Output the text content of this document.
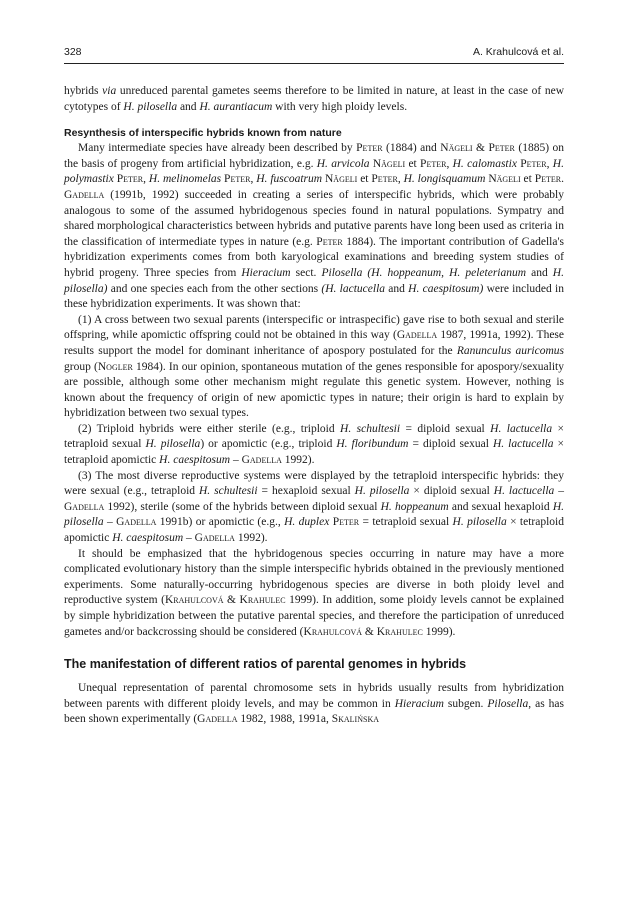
328	A. Krahulcová et al.

hybrids via unreduced parental gametes seems therefore to be limited in nature, at least in the case of new cytotypes of H. pilosella and H. aurantiacum with very high ploidy levels.

Resynthesis of interspecific hybrids known from nature

Many intermediate species have already been described by Peter (1884) and Nägeli & Peter (1885) on the basis of progeny from artificial hybridization, e.g. H. arvicola Nägeli et Peter, H. calomastix Peter, H. polymastix Peter, H. melinomelas Peter, H. fuscoatrum Nägeli et Peter, H. longisquamum Nägeli et Peter. Gadella (1991b, 1992) succeeded in creating a series of interspecific hybrids, which were probably analogous to some of the assumed hybridogenous species found in natural populations. Sympatry and shared morphological characteristics between hybrids and putative parents have long been used as criteria in the classification of intermediate types in nature (e.g. Peter 1884). The important contribution of Gadella's hybridization experiments comes from both karyological examinations and breeding system studies of hybrid progeny. Three species from Hieracium sect. Pilosella (H. hoppeanum, H. peleterianum and H. pilosella) and one species each from the other sections (H. lactucella and H. caespitosum) were included in these hybridization experiments. It was shown that:

(1) A cross between two sexual parents (interspecific or intraspecific) gave rise to both sexual and sterile offspring, while apomictic offspring could not be obtained in this way (Gadella 1987, 1991a, 1992). These results support the model for dominant inheritance of apospory postulated for the Ranunculus auricomus group (Nogler 1984). In our opinion, spontaneous mutation of the genes responsible for apospory/sexuality are possible, although some other mechanism might regulate this genetic system. However, nothing is known about the frequency of origin of new apomictic types in nature; their origin is hard to explain by hybridization between two sexual types.

(2) Triploid hybrids were either sterile (e.g., triploid H. schultesii = diploid sexual H. lactucella × tetraploid sexual H. pilosella) or apomictic (e.g., triploid H. floribundum = diploid sexual H. lactucella × tetraploid apomictic H. caespitosum – Gadella 1992).

(3) The most diverse reproductive systems were displayed by the tetraploid interspecific hybrids: they were sexual (e.g., tetraploid H. schultesii = hexaploid sexual H. pilosella × diploid sexual H. lactucella – Gadella 1992), sterile (some of the hybrids between diploid sexual H. hoppeanum and sexual hexaploid H. pilosella – Gadella 1991b) or apomictic (e.g., H. duplex Peter = tetraploid sexual H. pilosella × tetraploid apomictic H. caespitosum – Gadella 1992).

It should be emphasized that the hybridogenous species occurring in nature may have a more complicated evolutionary history than the simple interspecific hybrids obtained in the previously mentioned experiments. Some naturally-occurring hybridogenous species are diverse in both ploidy level and reproductive system (Krahulcová & Krahulec 1999). In addition, some ploidy levels cannot be explained by simple hybridization between the putative parental species, and therefore the participation of unreduced gametes and/or backcrossing should be considered (Krahulcová & Krahulec 1999).

The manifestation of different ratios of parental genomes in hybrids

Unequal representation of parental chromosome sets in hybrids usually results from hybridization between parents with different ploidy levels, and may be common in Hieracium subgen. Pilosella, as has been shown experimentally (Gadella 1982, 1988, 1991a, Skalińska
